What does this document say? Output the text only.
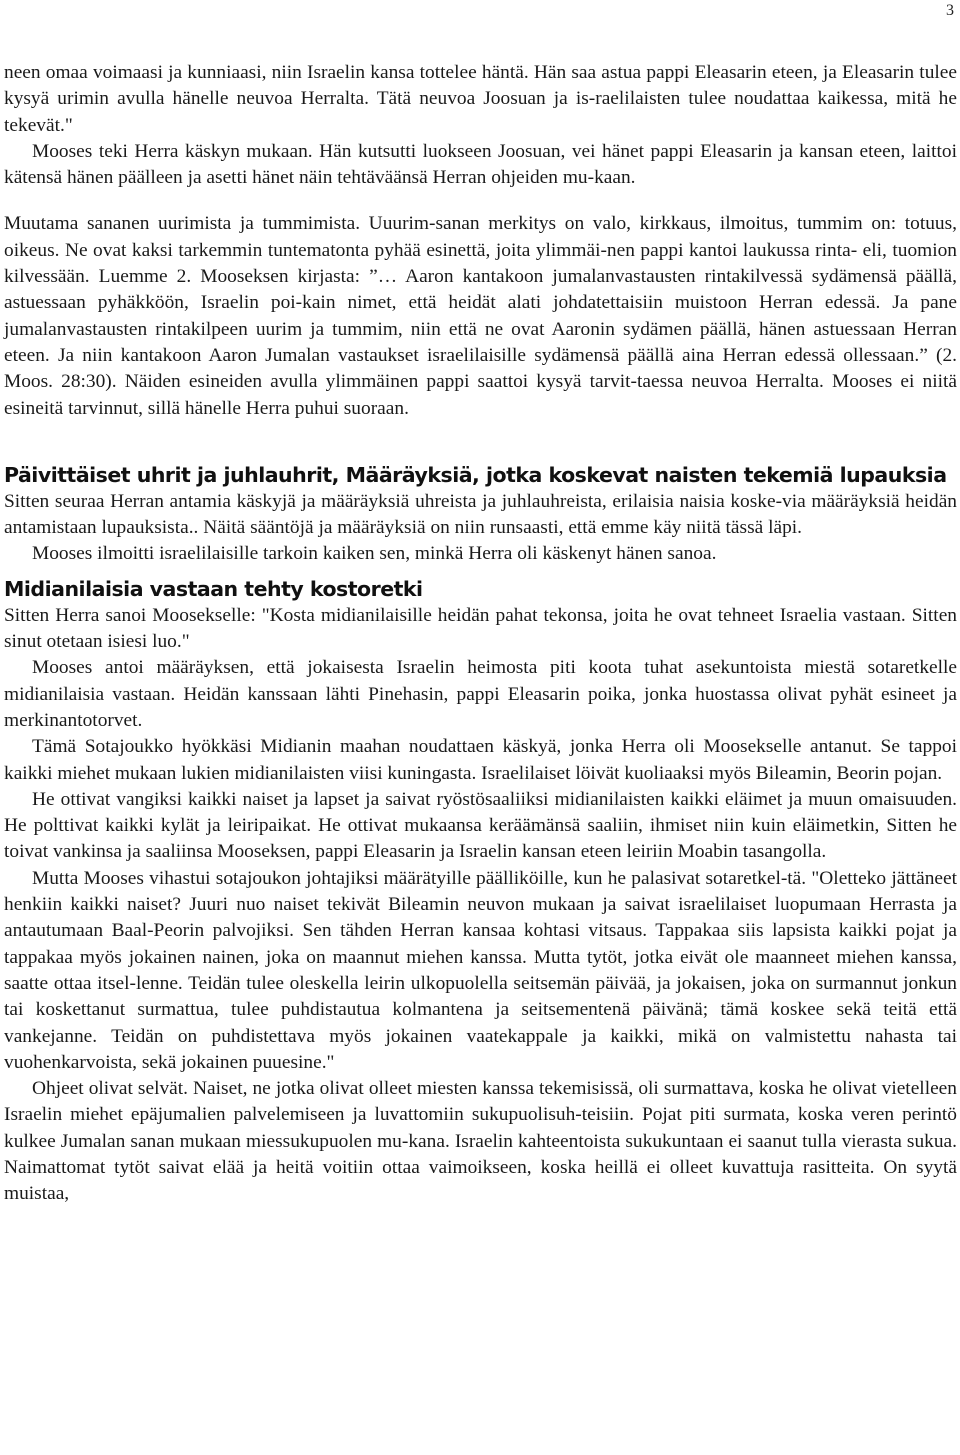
3

neen omaa voimaasi ja kunniaasi, niin Israelin kansa tottelee häntä. Hän saa astua pappi Eleasarin eteen, ja Eleasarin tulee kysyä urimin avulla hänelle neuvoa Herralta. Tätä neuvoa Joosuan ja is-raelilaisten tulee noudattaa kaikessa, mitä he tekevät."

Mooses teki Herra käskyn mukaan. Hän kutsutti luokseen Joosuan, vei hänet pappi Eleasarin ja kansan eteen, laittoi kätensä hänen päälleen ja asetti hänet näin tehtäväänsä Herran ohjeiden mu-kaan.

Muutama sananen uurimista ja tummimista. Uuurim-sanan merkitys on valo, kirkkaus, ilmoitus, tummim on: totuus, oikeus. Ne ovat kaksi tarkemmin tuntematonta pyhää esinettä, joita ylimmäi-nen pappi kantoi laukussa rinta- eli, tuomion kilvessään. Luemme 2. Mooseksen kirjasta: ”… Aaron kantakoon jumalanvastausten rintakilvessä sydämensä päällä, astuessaan pyhäkköön, Israelin poi-kain nimet, että heidät alati johdatettaisiin muistoon Herran edessä. Ja pane jumalanvastausten rintakilpeen uurim ja tummim, niin että ne ovat Aaronin sydämen päällä, hänen astuessaan Herran eteen. Ja niin kantakoon Aaron Jumalan vastaukset israelilaisille sydämensä päällä aina Herran edessä ollessaan.” (2. Moos. 28:30). Näiden esineiden avulla ylimmäinen pappi saattoi kysyä tarvit-taessa neuvoa Herralta. Mooses ei niitä esineitä tarvinnut, sillä hänelle Herra puhui suoraan.

Päivittäiset uhrit ja juhlauhrit, Määräyksiä, jotka koskevat naisten tekemiä lupauksia

Sitten seuraa Herran antamia käskyjä ja määräyksiä uhreista ja juhlauhreista, erilaisia naisia koske-via määräyksiä heidän antamistaan lupauksista.. Näitä sääntöjä ja määräyksiä on niin runsaasti, että emme käy niitä tässä läpi.

Mooses ilmoitti israelilaisille tarkoin kaiken sen, minkä Herra oli käskenyt hänen sanoa.

Midianilaisia vastaan tehty kostoretki

Sitten Herra sanoi Moosekselle: "Kosta midianilaisille heidän pahat tekonsa, joita he ovat tehneet Israelia vastaan. Sitten sinut otetaan isiesi luo."

Mooses antoi määräyksen, että jokaisesta Israelin heimosta piti koota tuhat asekuntoista miestä sotaretkelle midianilaisia vastaan. Heidän kanssaan lähti Pinehasin, pappi Eleasarin poika, jonka huostassa olivat pyhät esineet ja merkinantotorvet.

Tämä Sotajoukko hyökkäsi Midianin maahan noudattaen käskyä, jonka Herra oli Moosekselle antanut. Se tappoi kaikki miehet mukaan lukien midianilaisten viisi kuningasta. Israelilaiset löivät kuoliaaksi myös Bileamin, Beorin pojan.

He ottivat vangiksi kaikki naiset ja lapset ja saivat ryöstösaaliiksi midianilaisten kaikki eläimet ja muun omaisuuden. He polttivat kaikki kylät ja leiripaikat. He ottivat mukaansa keräämänsä saaliin, ihmiset niin kuin eläimetkin, Sitten he toivat vankinsa ja saaliinsa Mooseksen, pappi Eleasarin ja Israelin kansan eteen leiriin Moabin tasangolla.

Mutta Mooses vihastui sotajoukon johtajiksi määrätyille päälliköille, kun he palasivat sotaretkel-tä. "Oletteko jättäneet henkiin kaikki naiset? Juuri nuo naiset tekivät Bileamin neuvon mukaan ja saivat israelilaiset luopumaan Herrasta ja antautumaan Baal-Peorin palvojiksi. Sen tähden Herran kansaa kohtasi vitsaus. Tappakaa siis lapsista kaikki pojat ja tappakaa myös jokainen nainen, joka on maannut miehen kanssa. Mutta tytöt, jotka eivät ole maanneet miehen kanssa, saatte ottaa itsel-lenne. Teidän tulee oleskella leirin ulkopuolella seitsemän päivää, ja jokaisen, joka on surmannut jonkun tai koskettanut surmattua, tulee puhdistautua kolmantena ja seitsementenä päivänä; tämä koskee sekä teitä että vankejanne. Teidän on puhdistettava myös jokainen vaatekappale ja kaikki, mikä on valmistettu nahasta tai vuohenkarvoista, sekä jokainen puuesine."

Ohjeet olivat selvät. Naiset, ne jotka olivat olleet miesten kanssa tekemisissä, oli surmattava, koska he olivat vietelleen Israelin miehet epäjumalien palvelemiseen ja luvattomiin sukupuolisuh-teisiin. Pojat piti surmata, koska veren perintö kulkee Jumalan sanan mukaan miessukupuolen mu-kana. Israelin kahteentoista sukukuntaan ei saanut tulla vierasta sukua. Naimattomat tytöt saivat elää ja heitä voitiin ottaa vaimoikseen, koska heillä ei olleet kuvattuja rasitteita. On syytä muistaa,
